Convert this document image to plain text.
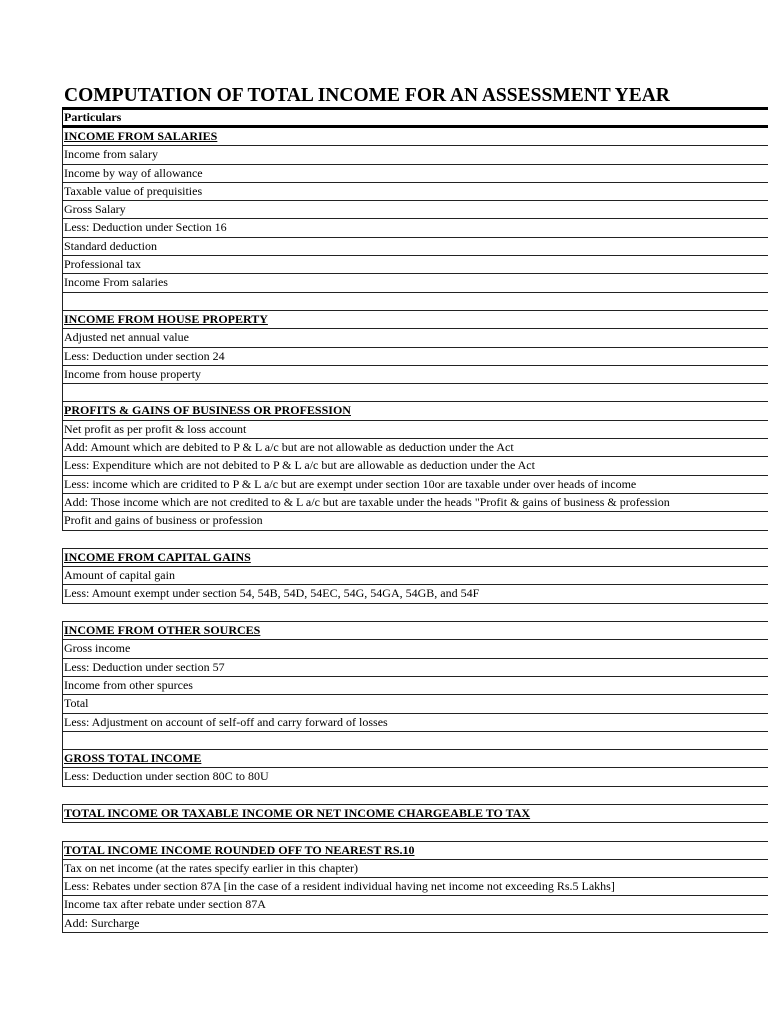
COMPUTATION OF TOTAL INCOME FOR AN ASSESSMENT YEAR
Particulars
INCOME FROM SALARIES
Income from salary
Income by way of allowance
Taxable value of prequisities
Gross Salary
Less: Deduction under Section 16
Standard deduction
Professional tax
Income From salaries
INCOME FROM HOUSE PROPERTY
Adjusted net annual value
Less: Deduction under section 24
Income from house property
PROFITS & GAINS OF BUSINESS OR PROFESSION
Net profit as per profit & loss account
Add: Amount which are debited to P & L a/c but are not allowable as deduction under the Act
Less: Expenditure which are not debited to P & L a/c but are allowable as deduction under the Act
Less: income which are cridited to P & L a/c but are exempt under section 10or are taxable under over heads of income
Add: Those income which are not credited to & L a/c but are taxable under the heads "Profit & gains of business & profession
Profit and gains of business or profession
INCOME FROM CAPITAL GAINS
Amount of capital gain
Less: Amount exempt under section 54, 54B, 54D, 54EC, 54G, 54GA, 54GB, and 54F
INCOME FROM OTHER SOURCES
Gross income
Less: Deduction under section 57
Income from other spurces
Total
Less: Adjustment on account of self-off and carry forward of losses
GROSS TOTAL INCOME
Less: Deduction under section 80C to 80U
TOTAL INCOME OR TAXABLE INCOME OR NET INCOME CHARGEABLE TO TAX
TOTAL INCOME INCOME ROUNDED OFF TO NEAREST RS.10
Tax on net income (at the rates specify earlier in this chapter)
Less: Rebates under section 87A [in the case of a resident individual having net income not exceeding Rs.5 Lakhs]
Income tax after rebate under section 87A
Add: Surcharge
